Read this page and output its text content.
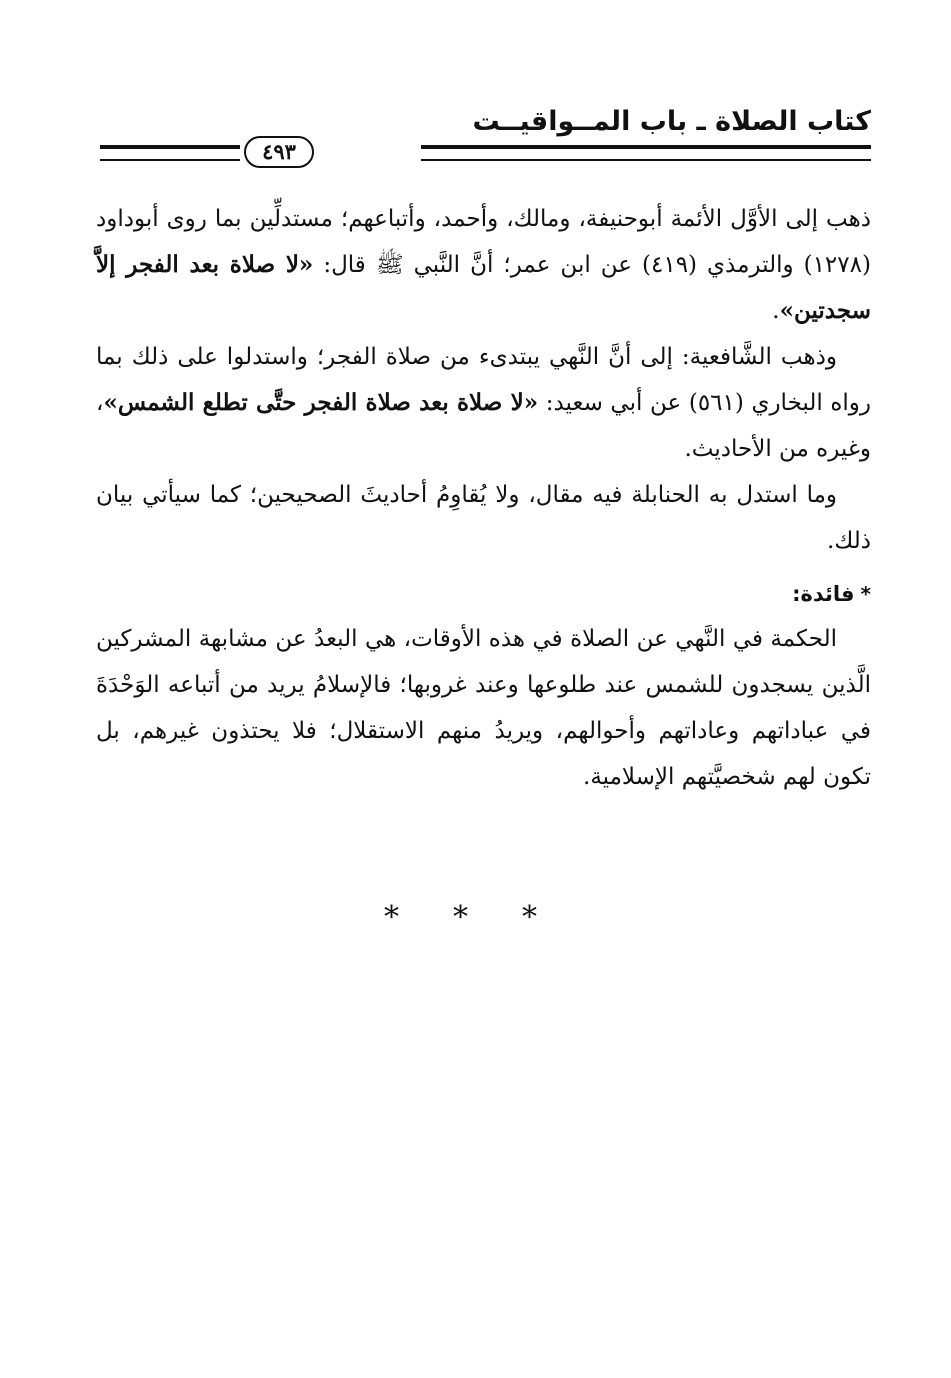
كتاب الصلاة ـ باب المــواقيــت
٤٩٣

ذهب إلى الأوَّل الأئمة أبوحنيفة، ومالك، وأحمد، وأتباعهم؛ مستدلِّين بما روى أبوداود (١٢٧٨) والترمذي (٤١٩) عن ابن عمر؛ أنَّ النَّبي ﷺ قال: «لا صلاة بعد الفجر إلاَّ سجدتين».

وذهب الشَّافعية: إلى أنَّ النَّهي يبتدىء من صلاة الفجر؛ واستدلوا على ذلك بما رواه البخاري (٥٦١) عن أبي سعيد: «لا صلاة بعد صلاة الفجر حتَّى تطلع الشمس»، وغيره من الأحاديث.

وما استدل به الحنابلة فيه مقال، ولا يُقاوِمُ أحاديثَ الصحيحين؛ كما سيأتي بيان ذلك.

*فائدة:

الحكمة في النَّهي عن الصلاة في هذه الأوقات، هي البعدُ عن مشابهة المشركين الَّذين يسجدون للشمس عند طلوعها وعند غروبها؛ فالإسلامُ يريد من أتباعه الوَحْدَةَ في عباداتهم وعاداتهم وأحوالهم، ويريدُ منهم الاستقلال؛ فلا يحتذون غيرهم، بل تكون لهم شخصيَّتهم الإسلامية.

* * *
